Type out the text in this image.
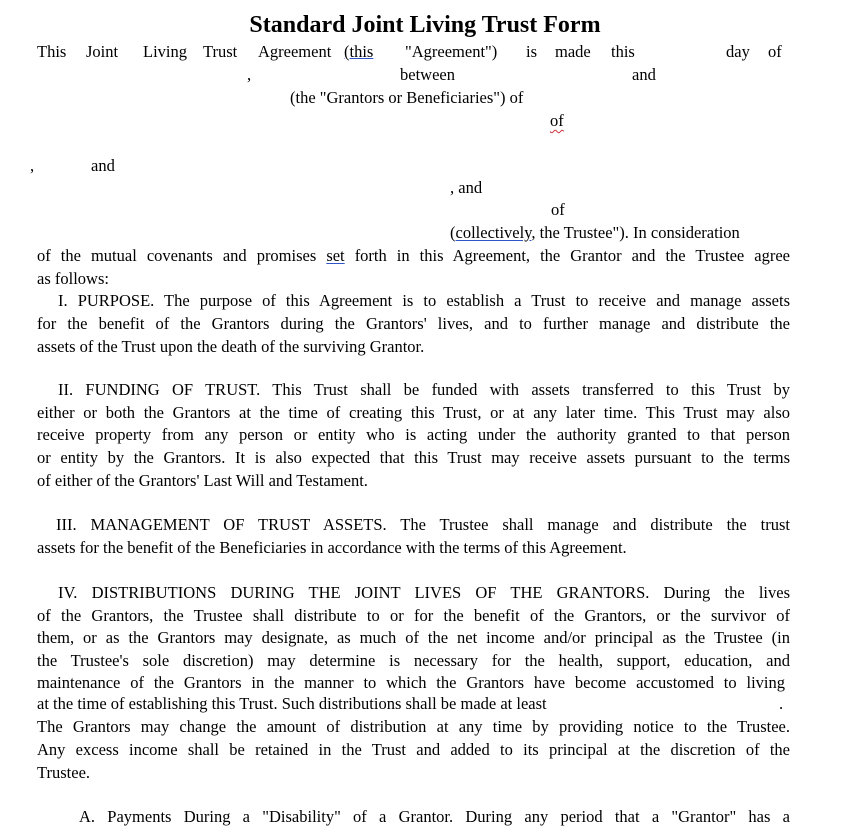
Standard Joint Living Trust Form
This Joint Living Trust Agreement (this "Agreement") is made this	day of
,	between	and
(the "Grantors or Beneficiaries") of
of
,	and
, and
of
(collectively, the Trustee"). In consideration
of the mutual covenants and promises set forth in this Agreement, the Grantor and the Trustee agree
as follows:
I. PURPOSE. The purpose of this Agreement is to establish a Trust to receive and manage assets
for the benefit of the Grantors during the Grantors' lives, and to further manage and distribute the
assets of the Trust upon the death of the surviving Grantor.
II. FUNDING OF TRUST. This Trust shall be funded with assets transferred to this Trust by
either or both the Grantors at the time of creating this Trust, or at any later time. This Trust may also
receive property from any person or entity who is acting under the authority granted to that person
or entity by the Grantors. It is also expected that this Trust may receive assets pursuant to the terms
of either of the Grantors' Last Will and Testament.
III. MANAGEMENT OF TRUST ASSETS. The Trustee shall manage and distribute the trust
assets for the benefit of the Beneficiaries in accordance with the terms of this Agreement.
IV. DISTRIBUTIONS DURING THE JOINT LIVES OF THE GRANTORS. During the lives
of the Grantors, the Trustee shall distribute to or for the benefit of the Grantors, or the survivor of
them, or as the Grantors may designate, as much of the net income and/or principal as the Trustee (in
the Trustee's sole discretion) may determine is necessary for the health, support, education, and
maintenance of the Grantors in the manner to which the Grantors have become accustomed to living
at the time of establishing this Trust. Such distributions shall be made at least	.
The Grantors may change the amount of distribution at any time by providing notice to the Trustee.
Any excess income shall be retained in the Trust and added to its principal at the discretion of the
Trustee.
A. Payments During a "Disability" of a Grantor. During any period that a "Grantor" has a
